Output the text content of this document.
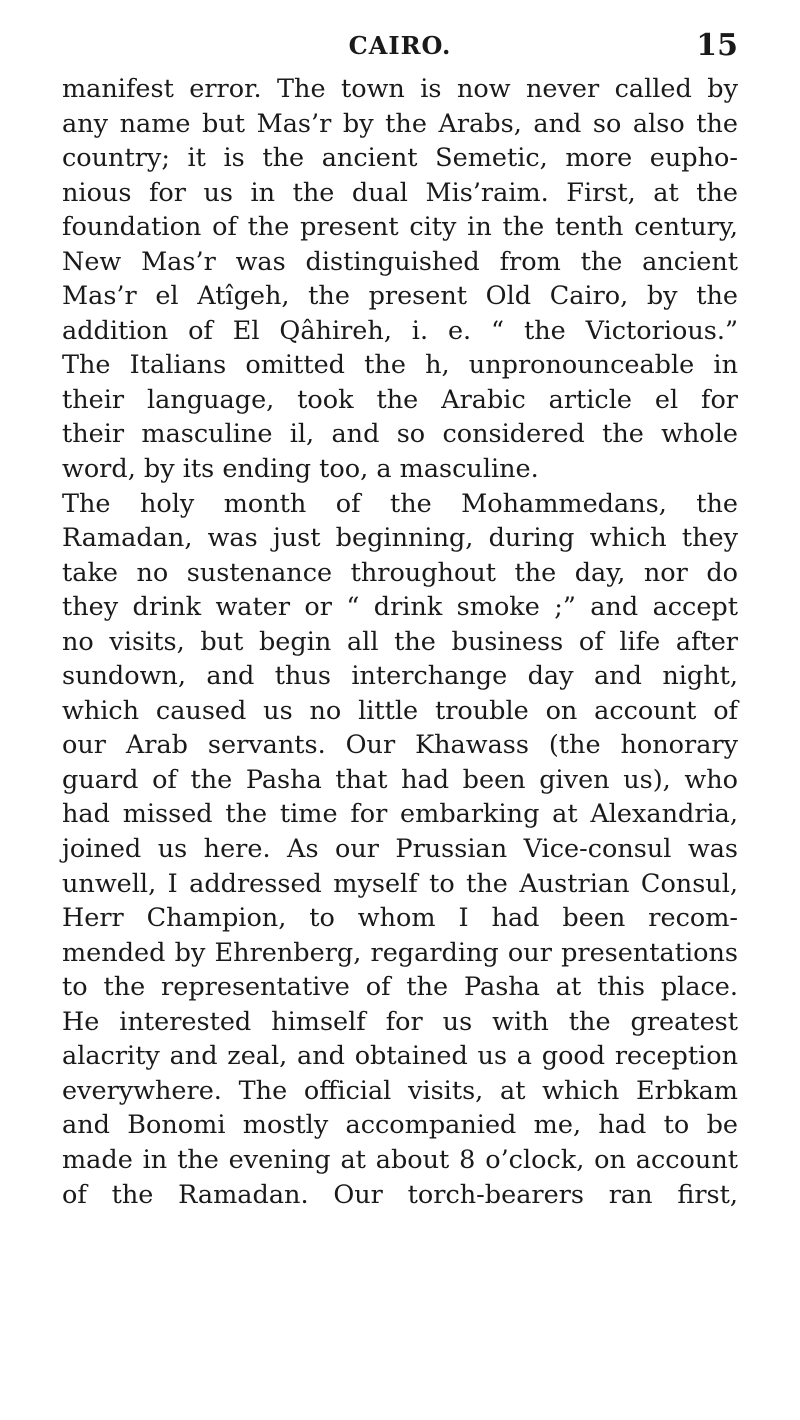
CAIRO.	15
manifest error. The town is now never called by
any name but Mas’r by the Arabs, and so also the
country; it is the ancient Semetic, more eupho-
nious for us in the dual Mis’raim. First, at the
foundation of the present city in the tenth century,
New Mas’r was distinguished from the ancient
Mas’r el Atîgeh, the present Old Cairo, by the
addition of El Qâhireh, i. e. “ the Victorious.”
The Italians omitted the h, unpronounceable in
their language, took the Arabic article el for
their masculine il, and so considered the whole
word, by its ending too, a masculine.
The holy month of the Mohammedans, the
Ramadan, was just beginning, during which they
take no sustenance throughout the day, nor do
they drink water or “ drink smoke ;” and accept
no visits, but begin all the business of life after
sundown, and thus interchange day and night,
which caused us no little trouble on account of
our Arab servants. Our Khawass (the honorary
guard of the Pasha that had been given us), who
had missed the time for embarking at Alexandria,
joined us here. As our Prussian Vice-consul was
unwell, I addressed myself to the Austrian Consul,
Herr Champion, to whom I had been recom-
mended by Ehrenberg, regarding our presentations
to the representative of the Pasha at this place.
He interested himself for us with the greatest
alacrity and zeal, and obtained us a good reception
everywhere. The official visits, at which Erbkam
and Bonomi mostly accompanied me, had to be
made in the evening at about 8 o’clock, on account
of the Ramadan. Our torch-bearers ran first,
